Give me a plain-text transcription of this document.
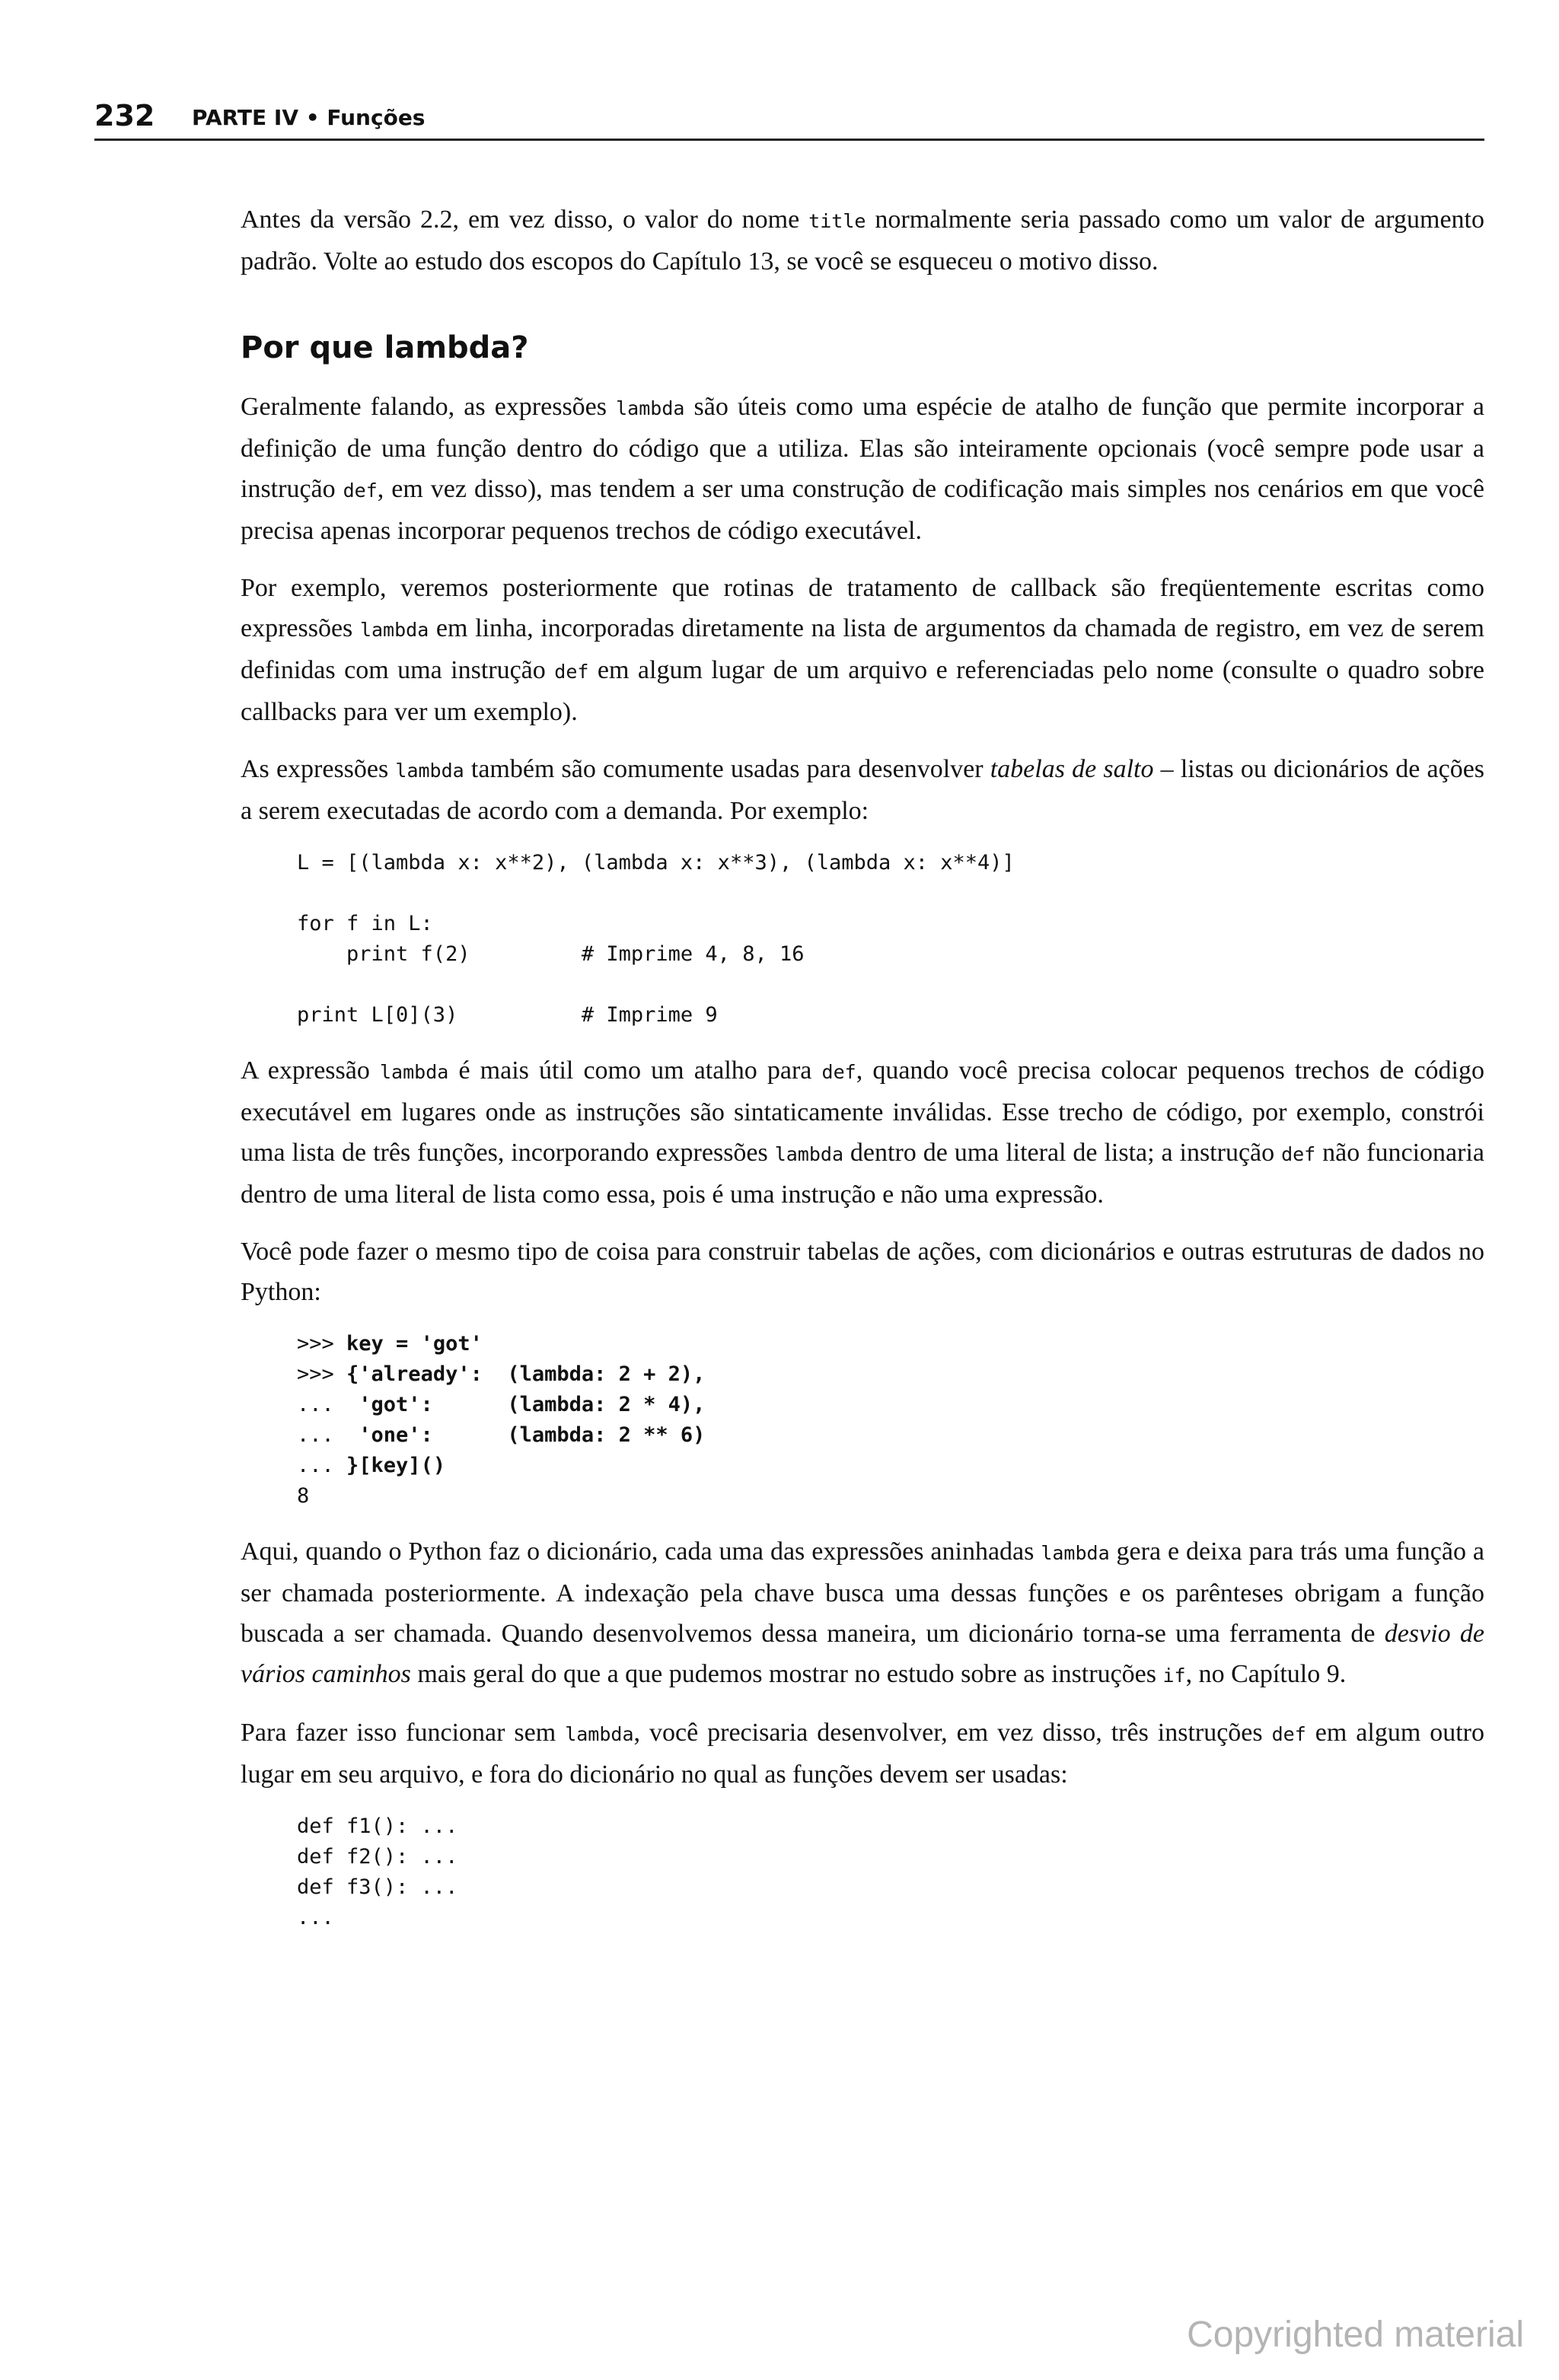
232 PARTE IV • Funções

Antes da versão 2.2, em vez disso, o valor do nome title normalmente seria passado como um valor de argumento padrão. Volte ao estudo dos escopos do Capítulo 13, se você se esqueceu o motivo disso.

Por que lambda?

Geralmente falando, as expressões lambda são úteis como uma espécie de atalho de função que permite incorporar a definição de uma função dentro do código que a utiliza. Elas são inteiramente opcionais (você sempre pode usar a instrução def, em vez disso), mas tendem a ser uma construção de codificação mais simples nos cenários em que você precisa apenas incorporar pequenos trechos de código executável.

Por exemplo, veremos posteriormente que rotinas de tratamento de callback são freqüentemente escritas como expressões lambda em linha, incorporadas diretamente na lista de argumentos da chamada de registro, em vez de serem definidas com uma instrução def em algum lugar de um arquivo e referenciadas pelo nome (consulte o quadro sobre callbacks para ver um exemplo).

As expressões lambda também são comumente usadas para desenvolver tabelas de salto – listas ou dicionários de ações a serem executadas de acordo com a demanda. Por exemplo:

L = [(lambda x: x**2), (lambda x: x**3), (lambda x: x**4)]

for f in L:
print f(2)         # Imprime 4, 8, 16

print L[0](3)          # Imprime 9

A expressão lambda é mais útil como um atalho para def, quando você precisa colocar pequenos trechos de código executável em lugares onde as instruções são sintaticamente inválidas. Esse trecho de código, por exemplo, constrói uma lista de três funções, incorporando expressões lambda dentro de uma literal de lista; a instrução def não funcionaria dentro de uma literal de lista como essa, pois é uma instrução e não uma expressão.

Você pode fazer o mesmo tipo de coisa para construir tabelas de ações, com dicionários e outras estruturas de dados no Python:

>>> key = 'got'
>>> {'already':  (lambda: 2 + 2),
...  'got':      (lambda: 2 * 4),
...  'one':      (lambda: 2 ** 6)
... }[key]()
8

Aqui, quando o Python faz o dicionário, cada uma das expressões aninhadas lambda gera e deixa para trás uma função a ser chamada posteriormente. A indexação pela chave busca uma dessas funções e os parênteses obrigam a função buscada a ser chamada. Quando desenvolvemos dessa maneira, um dicionário torna-se uma ferramenta de desvio de vários caminhos mais geral do que a que pudemos mostrar no estudo sobre as instruções if, no Capítulo 9.

Para fazer isso funcionar sem lambda, você precisaria desenvolver, em vez disso, três instruções def em algum outro lugar em seu arquivo, e fora do dicionário no qual as funções devem ser usadas:

def f1(): ...
def f2(): ...
def f3(): ...
...
Copyrighted material
